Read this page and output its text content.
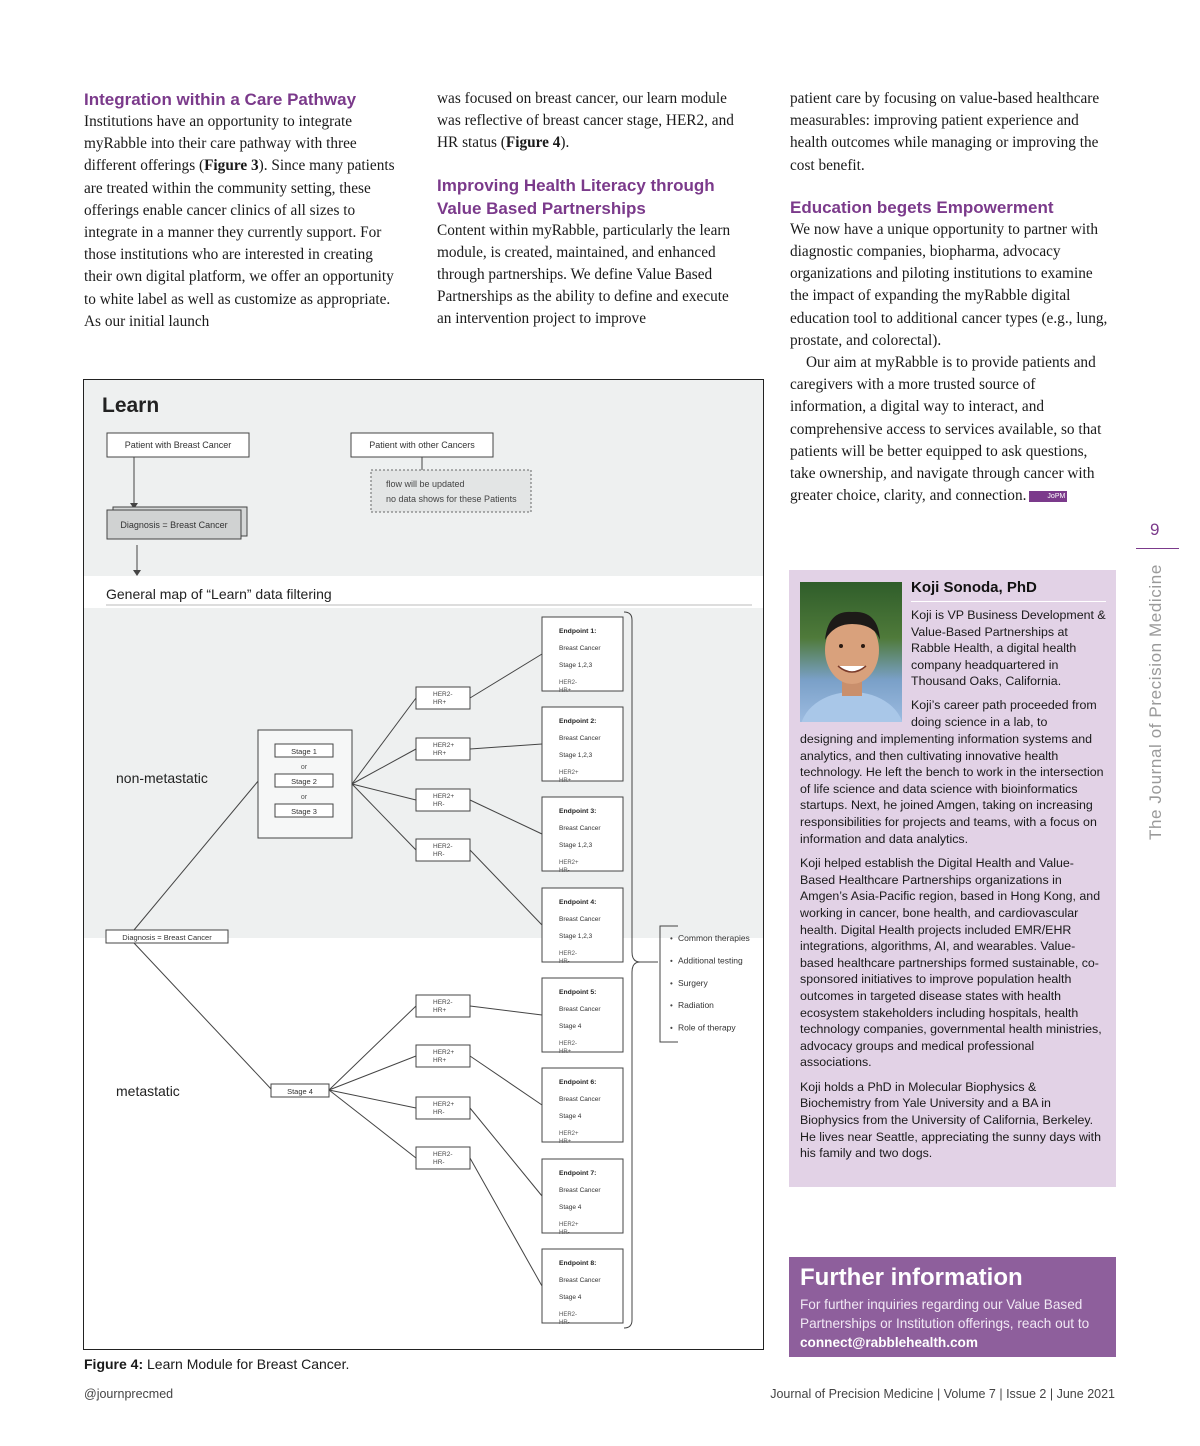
Integration within a Care Pathway

Institutions have an opportunity to integrate myRabble into their care pathway with three different offerings (Figure 3). Since many patients are treated within the community setting, these offerings enable cancer clinics of all sizes to integrate in a manner they currently support. For those institutions who are interested in creating their own digital platform, we offer an opportunity to white label as well as customize as appropriate. As our initial launch

was focused on breast cancer, our learn module was reflective of breast cancer stage, HER2, and HR status (Figure 4).

Improving Health Literacy through Value Based Partnerships

Content within myRabble, particularly the learn module, is created, maintained, and enhanced through partnerships. We define Value Based Partnerships as the ability to define and execute an intervention project to improve

patient care by focusing on value-based healthcare measurables: improving patient experience and health outcomes while managing or improving the cost benefit.

Education begets Empowerment

We now have a unique opportunity to partner with diagnostic companies, biopharma, advocacy organizations and piloting institutions to examine the impact of expanding the myRabble digital education tool to additional cancer types (e.g., lung, prostate, and colorectal).

Our aim at myRabble is to provide patients and caregivers with a more trusted source of information, a digital way to interact, and comprehensive access to services available, so that patients will be better equipped to ask questions, take ownership, and navigate through cancer with greater choice, clarity, and connection.	JoPM

Learn
Patient with Breast Cancer	Patient with other Cancers
flow will be updated
no data shows for these Patients
Diagnosis = Breast Cancer
General map of “Learn” data filtering
non-metastatic
metastatic
Diagnosis = Breast Cancer
Stage 1
or
Stage 2
or
Stage 3
Stage 4
HER2-
HR+
HER2+
HR+
HER2+
HR-
HER2-
HR-
HER2-
HR+
HER2+
HR+
HER2+
HR-
HER2-
HR-
Endpoint 1:
Breast Cancer
Stage 1,2,3
HER2-
HR+
Endpoint 2:
Breast Cancer
Stage 1,2,3
HER2+
HR+
Endpoint 3:
Breast Cancer
Stage 1,2,3
HER2+
HR-
Endpoint 4:
Breast Cancer
Stage 1,2,3
HER2-
HR-
Endpoint 5:
Breast Cancer
Stage 4
HER2-
HR+
Endpoint 6:
Breast Cancer
Stage 4
HER2+
HR+
Endpoint 7:
Breast Cancer
Stage 4
HER2+
HR-
Endpoint 8:
Breast Cancer
Stage 4
HER2-
HR-
• Common therapies
• Additional testing
• Surgery
• Radiation
• Role of therapy
Figure 4: Learn Module for Breast Cancer.
9
The Journal of Precision Medicine
Koji Sonoda, PhD

Koji is VP Business Development & Value-Based Partnerships at Rabble Health, a digital health company headquartered in Thousand Oaks, California.

Koji’s career path proceeded from doing science in a lab, to

designing and implementing information systems and analytics, and then cultivating innovative health technology. He left the bench to work in the intersection of life science and data science with bioinformatics startups. Next, he joined Amgen, taking on increasing responsibilities for projects and teams, with a focus on information and data analytics.

Koji helped establish the Digital Health and Value-Based Healthcare Partnerships organizations in Amgen’s Asia-Pacific region, based in Hong Kong, and working in cancer, bone health, and cardiovascular health. Digital Health projects included EMR/EHR integrations, algorithms, AI, and wearables. Value-based healthcare partnerships formed sustainable, co-sponsored initiatives to improve population health outcomes in targeted disease states with health ecosystem stakeholders including hospitals, health technology companies, governmental health ministries, advocacy groups and medical professional associations.

Koji holds a PhD in Molecular Biophysics & Biochemistry from Yale University and a BA in Biophysics from the University of California, Berkeley. He lives near Seattle, appreciating the sunny days with his family and two dogs.

Further information
For further inquiries regarding our Value Based Partnerships or Institution offerings, reach out to
connect@rabblehealth.com
@journprecmed	Journal of Precision Medicine | Volume 7 | Issue 2 | June 2021
